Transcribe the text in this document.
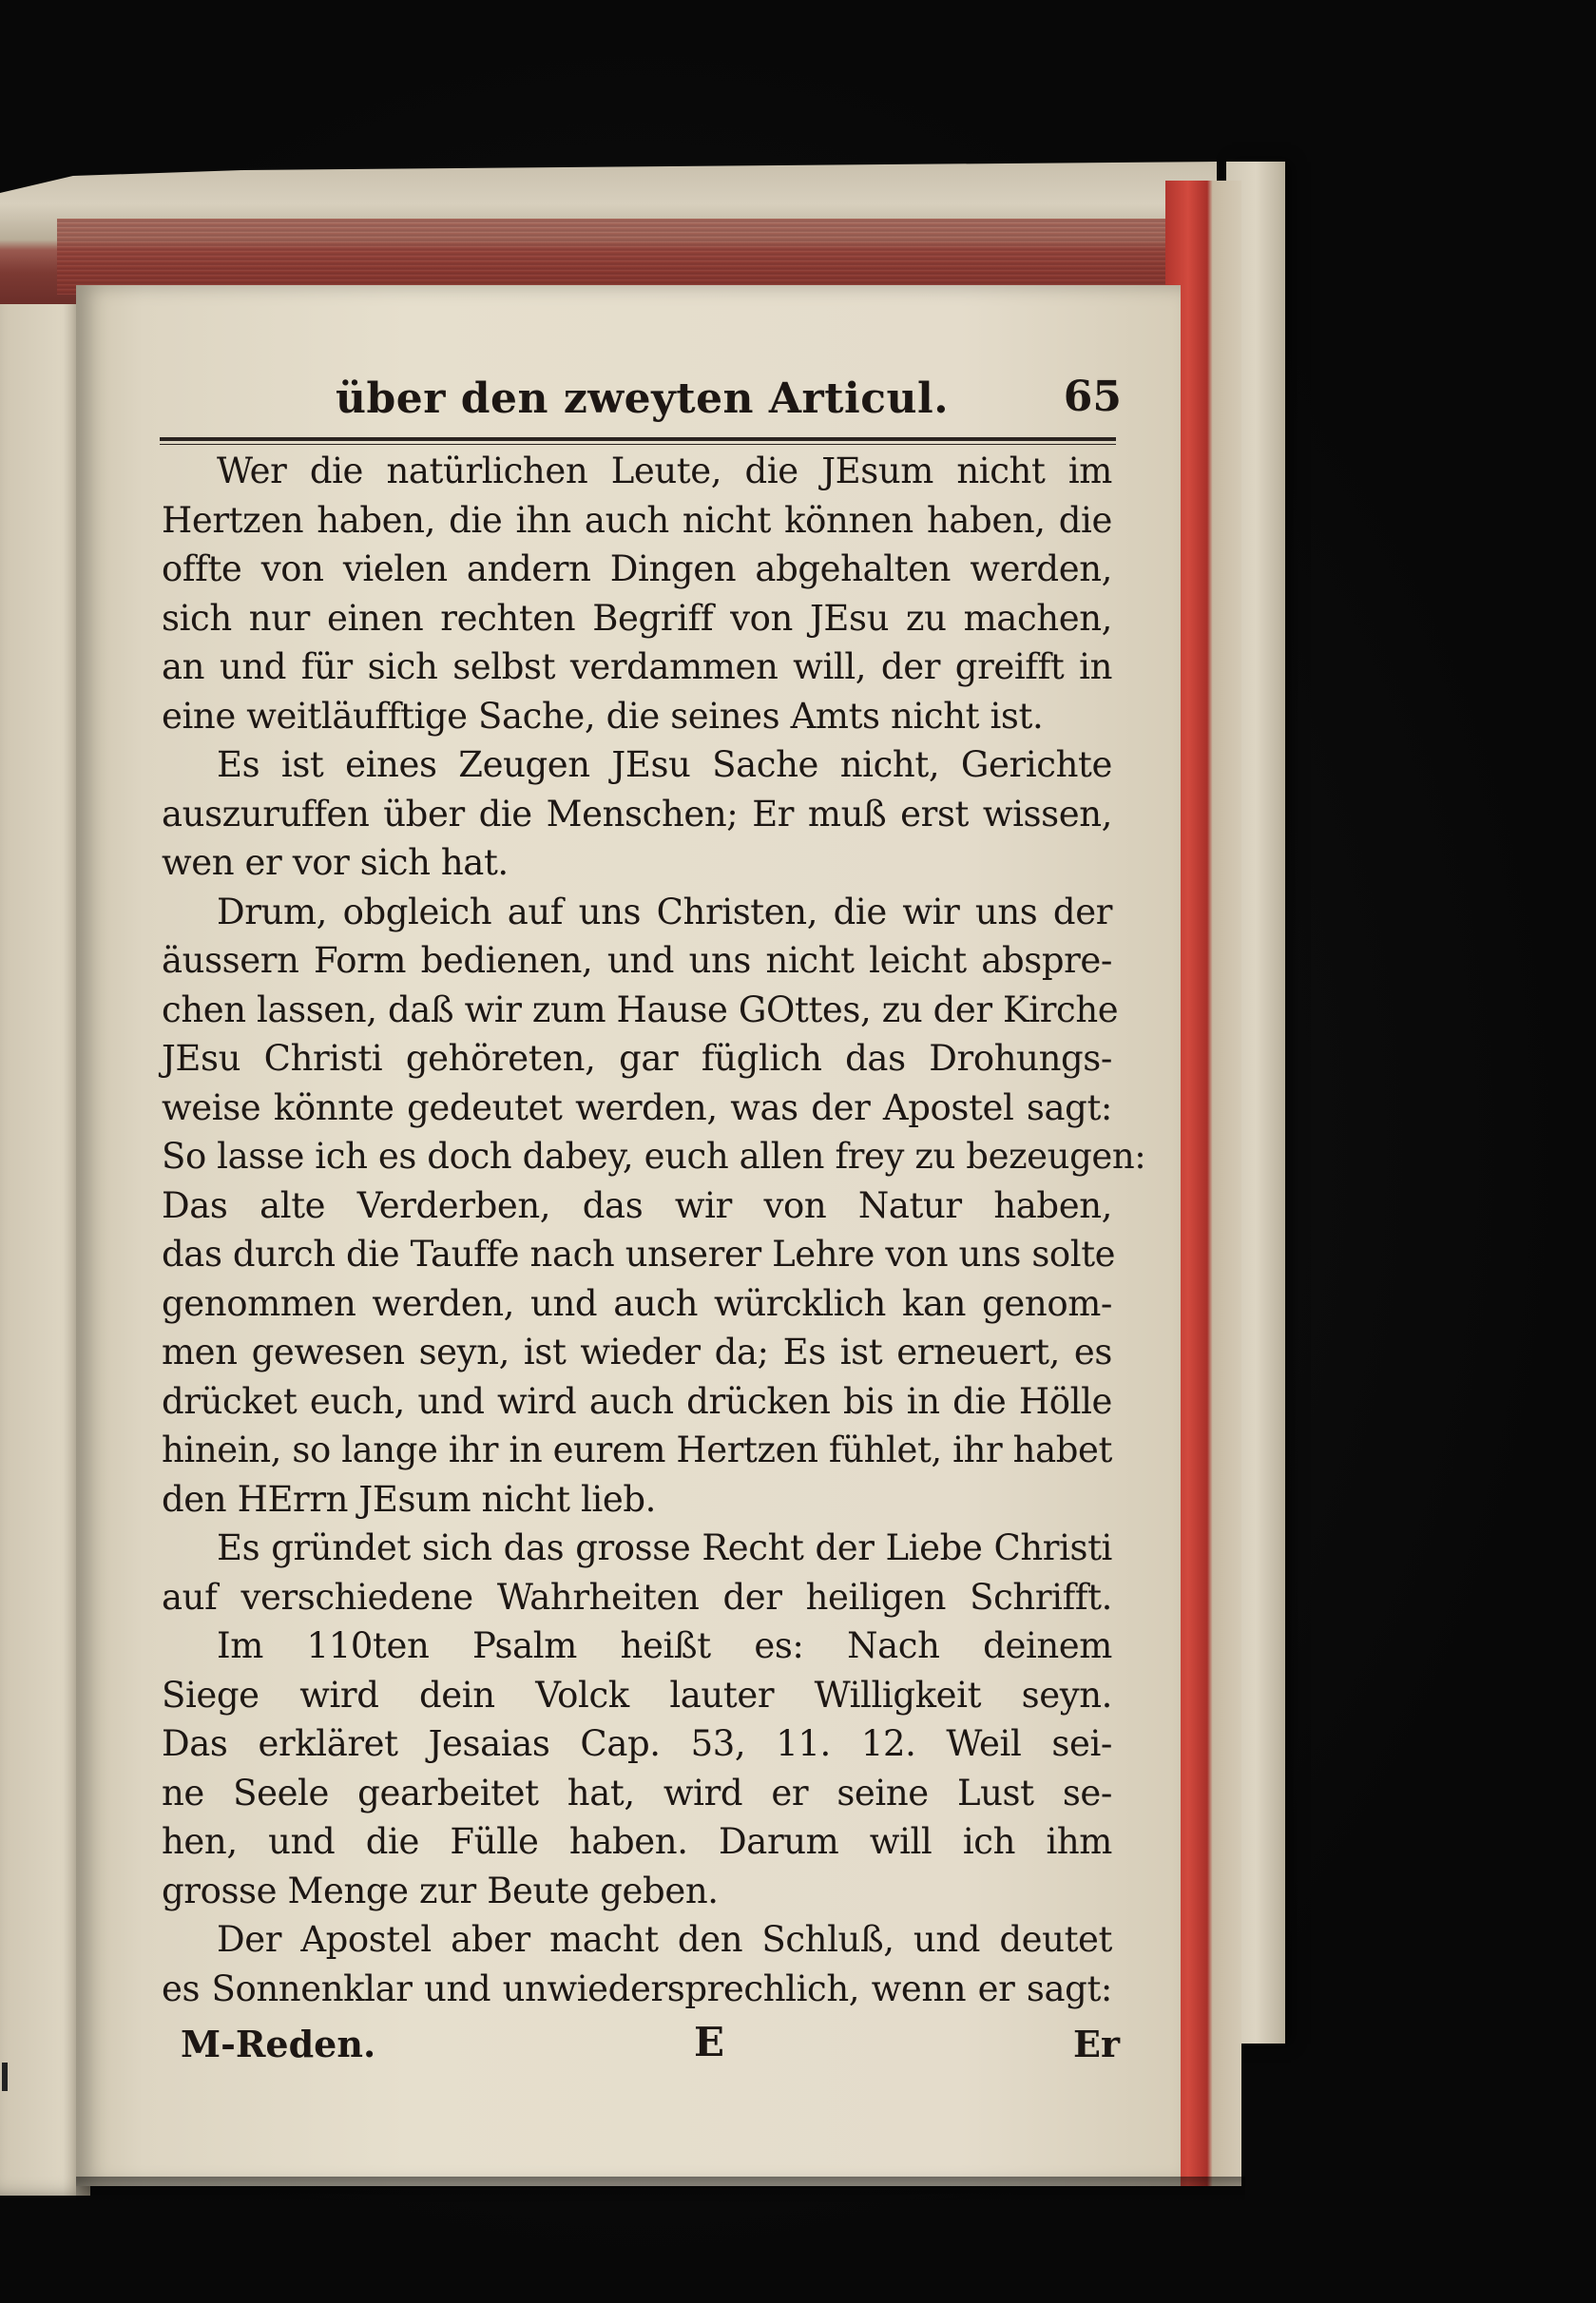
über den zweyten Articul.	65
Wer die natürlichen Leute, die JEsum nicht im
Hertzen haben, die ihn auch nicht können haben, die
offte von vielen andern Dingen abgehalten werden,
sich nur einen rechten Begriff von JEsu zu machen,
an und für sich selbst verdammen will, der greifft in
eine weitläufftige Sache, die seines Amts nicht ist.
Es ist eines Zeugen JEsu Sache nicht, Gerichte
auszuruffen über die Menschen; Er muß erst wissen,
wen er vor sich hat.
Drum, obgleich auf uns Christen, die wir uns der
äussern Form bedienen, und uns nicht leicht abspre-
chen lassen, daß wir zum Hause GOttes, zu der Kirche
JEsu Christi gehöreten, gar füglich das Drohungs-
weise könnte gedeutet werden, was der Apostel sagt:
So lasse ich es doch dabey, euch allen frey zu bezeugen:
Das alte Verderben, das wir von Natur haben,
das durch die Tauffe nach unserer Lehre von uns solte
genommen werden, und auch würcklich kan genom-
men gewesen seyn, ist wieder da; Es ist erneuert, es
drücket euch, und wird auch drücken bis in die Hölle
hinein, so lange ihr in eurem Hertzen fühlet, ihr habet
den HErrn JEsum nicht lieb.
Es gründet sich das grosse Recht der Liebe Christi
auf verschiedene Wahrheiten der heiligen Schrifft.
Im 110ten Psalm heißt es: Nach deinem
Siege wird dein Volck lauter Willigkeit seyn.
Das erkläret Jesaias Cap. 53, 11. 12. Weil sei-
ne Seele gearbeitet hat, wird er seine Lust se-
hen, und die Fülle haben. Darum will ich ihm
grosse Menge zur Beute geben.
Der Apostel aber macht den Schluß, und deutet
es Sonnenklar und unwiedersprechlich, wenn er sagt:
M-Reden.	E	Er
